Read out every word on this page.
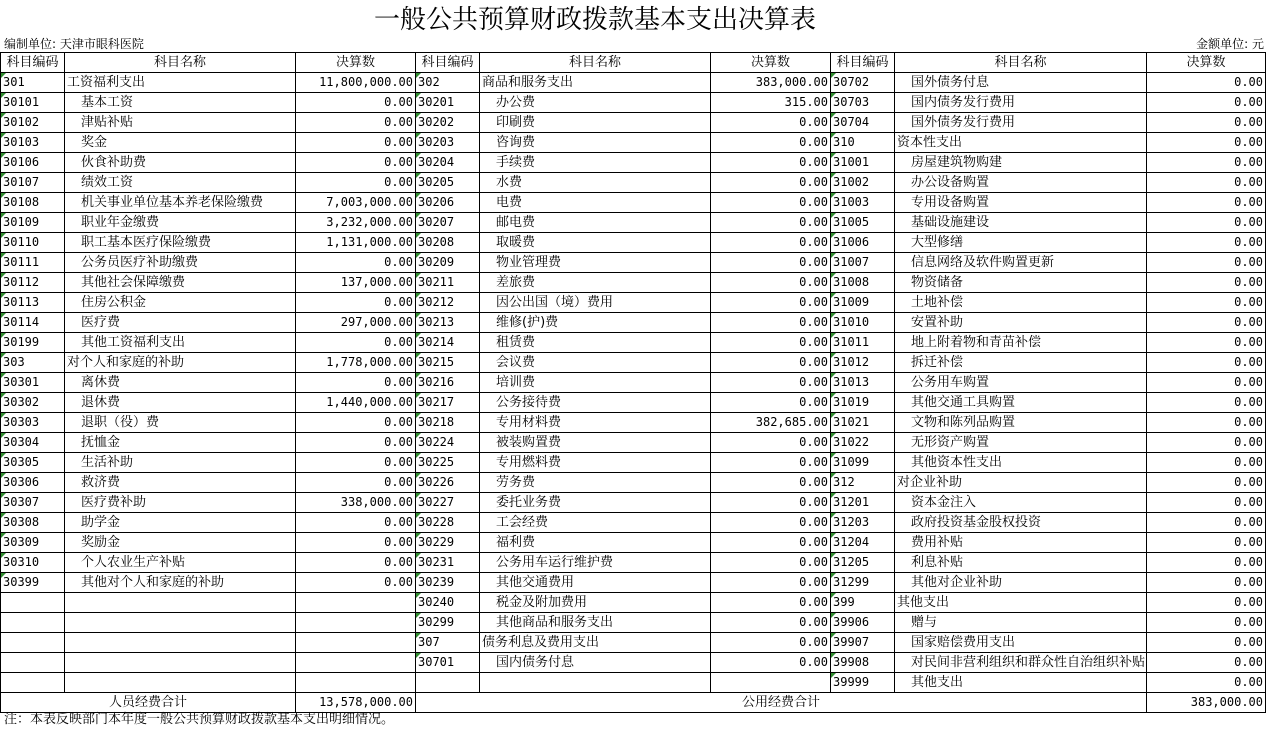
一般公共预算财政拨款基本支出决算表
编制单位: 天津市眼科医院	金额单位: 元
科目编码	科目名称	决算数	科目编码	科目名称	决算数	科目编码	科目名称	决算数
301	工资福利支出	11,800,000.00	302	商品和服务支出	383,000.00	30702	国外债务付息	0.00
30101	基本工资	0.00	30201	办公费	315.00	30703	国内债务发行费用	0.00
30102	津贴补贴	0.00	30202	印刷费	0.00	30704	国外债务发行费用	0.00
30103	奖金	0.00	30203	咨询费	0.00	310	资本性支出	0.00
30106	伙食补助费	0.00	30204	手续费	0.00	31001	房屋建筑物购建	0.00
30107	绩效工资	0.00	30205	水费	0.00	31002	办公设备购置	0.00
30108	机关事业单位基本养老保险缴费	7,003,000.00	30206	电费	0.00	31003	专用设备购置	0.00
30109	职业年金缴费	3,232,000.00	30207	邮电费	0.00	31005	基础设施建设	0.00
30110	职工基本医疗保险缴费	1,131,000.00	30208	取暖费	0.00	31006	大型修缮	0.00
30111	公务员医疗补助缴费	0.00	30209	物业管理费	0.00	31007	信息网络及软件购置更新	0.00
30112	其他社会保障缴费	137,000.00	30211	差旅费	0.00	31008	物资储备	0.00
30113	住房公积金	0.00	30212	因公出国（境）费用	0.00	31009	土地补偿	0.00
30114	医疗费	297,000.00	30213	维修(护)费	0.00	31010	安置补助	0.00
30199	其他工资福利支出	0.00	30214	租赁费	0.00	31011	地上附着物和青苗补偿	0.00
303	对个人和家庭的补助	1,778,000.00	30215	会议费	0.00	31012	拆迁补偿	0.00
30301	离休费	0.00	30216	培训费	0.00	31013	公务用车购置	0.00
30302	退休费	1,440,000.00	30217	公务接待费	0.00	31019	其他交通工具购置	0.00
30303	退职（役）费	0.00	30218	专用材料费	382,685.00	31021	文物和陈列品购置	0.00
30304	抚恤金	0.00	30224	被装购置费	0.00	31022	无形资产购置	0.00
30305	生活补助	0.00	30225	专用燃料费	0.00	31099	其他资本性支出	0.00
30306	救济费	0.00	30226	劳务费	0.00	312	对企业补助	0.00
30307	医疗费补助	338,000.00	30227	委托业务费	0.00	31201	资本金注入	0.00
30308	助学金	0.00	30228	工会经费	0.00	31203	政府投资基金股权投资	0.00
30309	奖励金	0.00	30229	福利费	0.00	31204	费用补贴	0.00
30310	个人农业生产补贴	0.00	30231	公务用车运行维护费	0.00	31205	利息补贴	0.00
30399	其他对个人和家庭的补助	0.00	30239	其他交通费用	0.00	31299	其他对企业补助	0.00
			30240	税金及附加费用	0.00	399	其他支出	0.00
			30299	其他商品和服务支出	0.00	39906	赠与	0.00
			307	债务利息及费用支出	0.00	39907	国家赔偿费用支出	0.00
			30701	国内债务付息	0.00	39908	对民间非营利组织和群众性自治组织补贴	0.00
						39999	其他支出	0.00
人员经费合计		13,578,000.00	公用经费合计					383,000.00
注：本表反映部门本年度一般公共预算财政拨款基本支出明细情况。
